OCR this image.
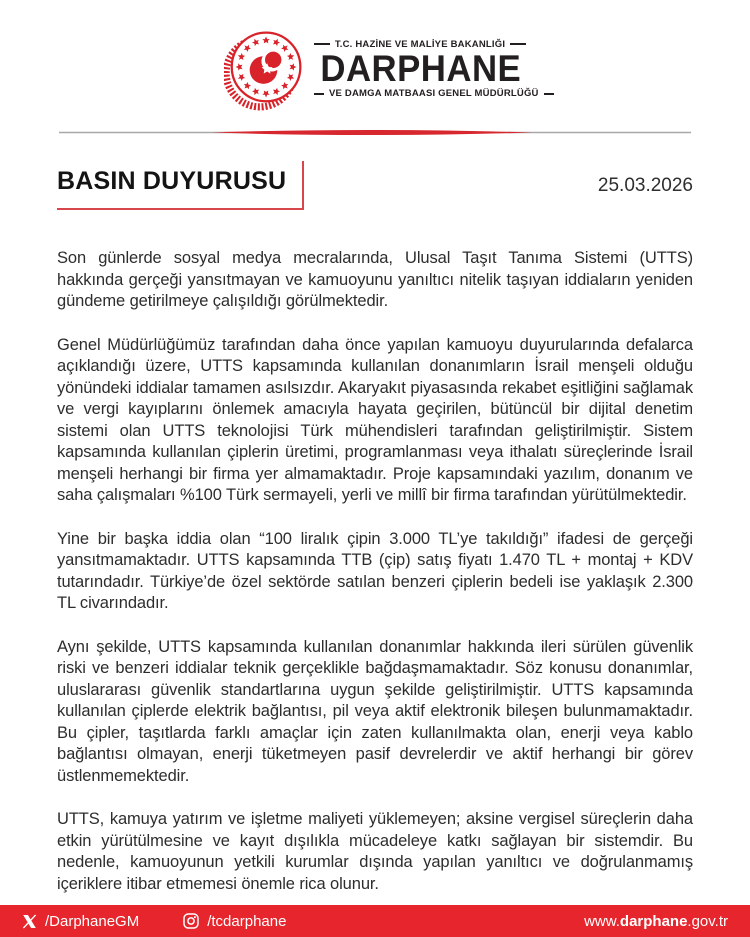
T.C. HAZİNE VE MALİYE BAKANLIĞI
DARPHANE
VE DAMGA MATBAASI GENEL MÜDÜRLÜĞÜ
BASIN DUYURUSU	25.03.2026

Son günlerde sosyal medya mecralarında, Ulusal Taşıt Tanıma Sistemi (UTTS) hakkında gerçeği yansıtmayan ve kamuoyunu yanıltıcı nitelik taşıyan iddiaların yeniden gündeme getirilmeye çalışıldığı görülmektedir.

Genel Müdürlüğümüz tarafından daha önce yapılan kamuoyu duyurularında defalarca açıklandığı üzere, UTTS kapsamında kullanılan donanımların İsrail menşeli olduğu yönündeki iddialar tamamen asılsızdır. Akaryakıt piyasasında rekabet eşitliğini sağlamak ve vergi kayıplarını önlemek amacıyla hayata geçirilen, bütüncül bir dijital denetim sistemi olan UTTS teknolojisi Türk mühendisleri tarafından geliştirilmiştir. Sistem kapsamında kullanılan çiplerin üretimi, programlanması veya ithalatı süreçlerinde İsrail menşeli herhangi bir firma yer almamaktadır. Proje kapsamındaki yazılım, donanım ve saha çalışmaları %100 Türk sermayeli, yerli ve millî bir firma tarafından yürütülmektedir.

Yine bir başka iddia olan “100 liralık çipin 3.000 TL’ye takıldığı” ifadesi de gerçeği yansıtmamaktadır. UTTS kapsamında TTB (çip) satış fiyatı 1.470 TL + montaj + KDV tutarındadır. Türkiye’de özel sektörde satılan benzeri çiplerin bedeli ise yaklaşık 2.300 TL civarındadır.

Aynı şekilde, UTTS kapsamında kullanılan donanımlar hakkında ileri sürülen güvenlik riski ve benzeri iddialar teknik gerçeklikle bağdaşmamaktadır. Söz konusu donanımlar, uluslararası güvenlik standartlarına uygun şekilde geliştirilmiştir. UTTS kapsamında kullanılan çiplerde elektrik bağlantısı, pil veya aktif elektronik bileşen bulunmamaktadır. Bu çipler, taşıtlarda farklı amaçlar için zaten kullanılmakta olan, enerji veya kablo bağlantısı olmayan, enerji tüketmeyen pasif devrelerdir ve aktif herhangi bir görev üstlenmemektedir.

UTTS, kamuya yatırım ve işletme maliyeti yüklemeyen; aksine vergisel süreçlerin daha etkin yürütülmesine ve kayıt dışılıkla mücadeleye katkı sağlayan bir sistemdir. Bu nedenle, kamuoyunun yetkili kurumlar dışında yapılan yanıltıcı ve doğrulanmamış içeriklere itibar etmemesi önemle rica olunur.

/DarphaneGM	/tcdarphane	www.darphane.gov.tr
